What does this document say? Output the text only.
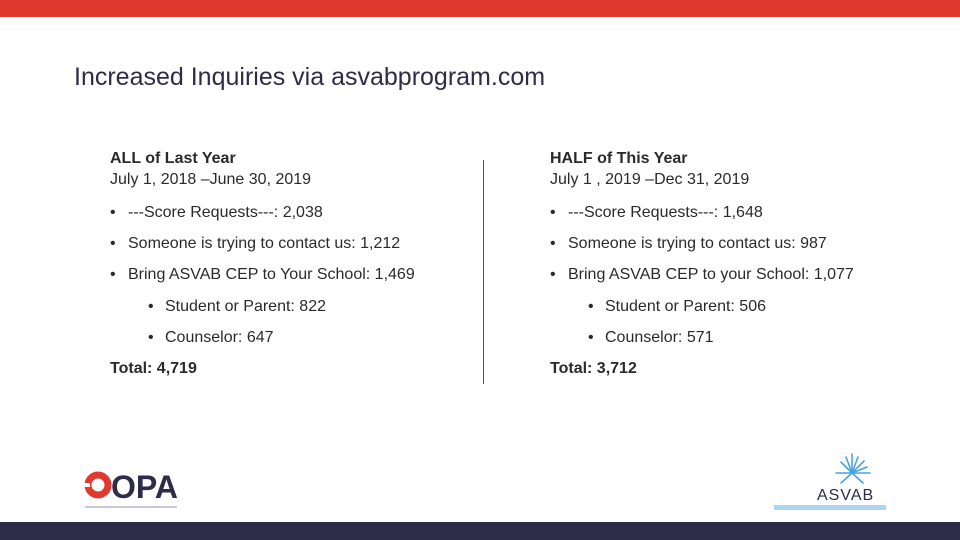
Increased Inquiries via asvabprogram.com
ALL of Last Year
July 1, 2018 –June 30, 2019
• ---Score Requests---: 2,038
• Someone is trying to contact us: 1,212
• Bring ASVAB CEP to Your School: 1,469
• Student or Parent: 822
• Counselor: 647
Total: 4,719
HALF of This Year
July 1 , 2019 –Dec 31, 2019
• ---Score Requests---: 1,648
• Someone is trying to contact us: 987
• Bring ASVAB CEP to your School: 1,077
• Student or Parent: 506
• Counselor: 571
Total: 3,712
OPA	ASVAB
